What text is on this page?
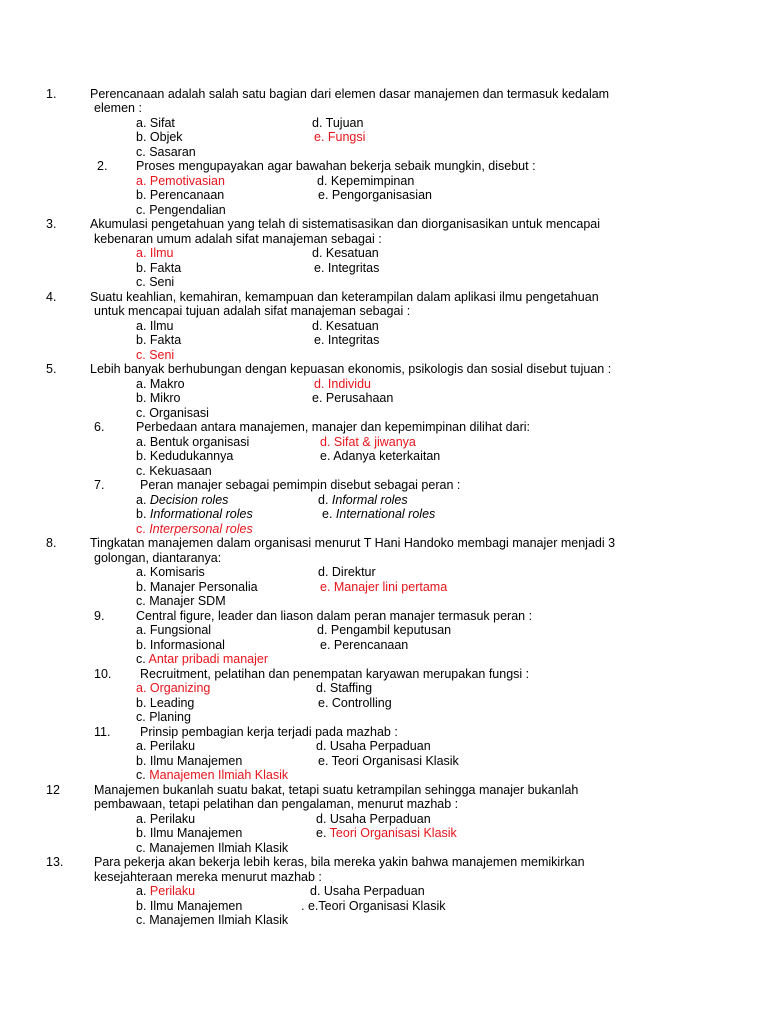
1.	Perencanaan adalah salah satu bagian dari elemen dasar manajemen dan termasuk kedalam
elemen :
a. Sifat	d. Tujuan
b. Objek	e. Fungsi
c. Sasaran
2. Proses mengupayakan agar bawahan bekerja sebaik mungkin, disebut :
a. Pemotivasian	d. Kepemimpinan
b. Perencanaan	e. Pengorganisasian
c. Pengendalian
3.	Akumulasi pengetahuan yang telah di sistematisasikan dan diorganisasikan untuk mencapai
kebenaran umum adalah sifat manajeman sebagai :
a. Ilmu	d. Kesatuan
b. Fakta	e. Integritas
c. Seni
4.	Suatu keahlian, kemahiran, kemampuan dan keterampilan dalam aplikasi ilmu pengetahuan
untuk mencapai tujuan adalah sifat manajeman sebagai :
a. Ilmu	d. Kesatuan
b. Fakta	e. Integritas
c. Seni
5.	Lebih banyak berhubungan dengan kepuasan ekonomis, psikologis dan sosial disebut tujuan :
a. Makro	d. Individu
b. Mikro	e. Perusahaan
c. Organisasi
6.	Perbedaan antara manajemen, manajer dan kepemimpinan dilihat dari:
a. Bentuk organisasi	d. Sifat & jiwanya
b. Kedudukannya	e. Adanya keterkaitan
c. Kekuasaan
7.	Peran manajer sebagai pemimpin disebut sebagai peran :
a. Decision roles	d. Informal roles
b. Informational roles	e. International roles
c. Interpersonal roles
8.	Tingkatan manajemen dalam organisasi menurut T Hani Handoko membagi manajer menjadi 3
golongan, diantaranya:
a. Komisaris	d. Direktur
b. Manajer Personalia	e. Manajer lini pertama
c. Manajer SDM
9.	Central figure, leader dan liason dalam peran manajer termasuk peran :
a. Fungsional	d. Pengambil keputusan
b. Informasional	e. Perencanaan
c. Antar pribadi manajer
10. Recruitment, pelatihan dan penempatan karyawan merupakan fungsi :
a. Organizing	d. Staffing
b. Leading	e. Controlling
c. Planing
11. Prinsip pembagian kerja terjadi pada mazhab :
a. Perilaku	d. Usaha Perpaduan
b. Ilmu Manajemen	e. Teori Organisasi Klasik
c. Manajemen Ilmiah Klasik
12	Manajemen bukanlah suatu bakat, tetapi suatu ketrampilan sehingga manajer bukanlah
pembawaan, tetapi pelatihan dan pengalaman, menurut mazhab :
a. Perilaku	d. Usaha Perpaduan
b. Ilmu Manajemen	e. Teori Organisasi Klasik
c. Manajemen Ilmiah Klasik
13. Para pekerja akan bekerja lebih keras, bila mereka yakin bahwa manajemen memikirkan
kesejahteraan mereka menurut mazhab :
a. Perilaku	d. Usaha Perpaduan
b. Ilmu Manajemen	. e.Teori Organisasi Klasik
c. Manajemen Ilmiah Klasik
